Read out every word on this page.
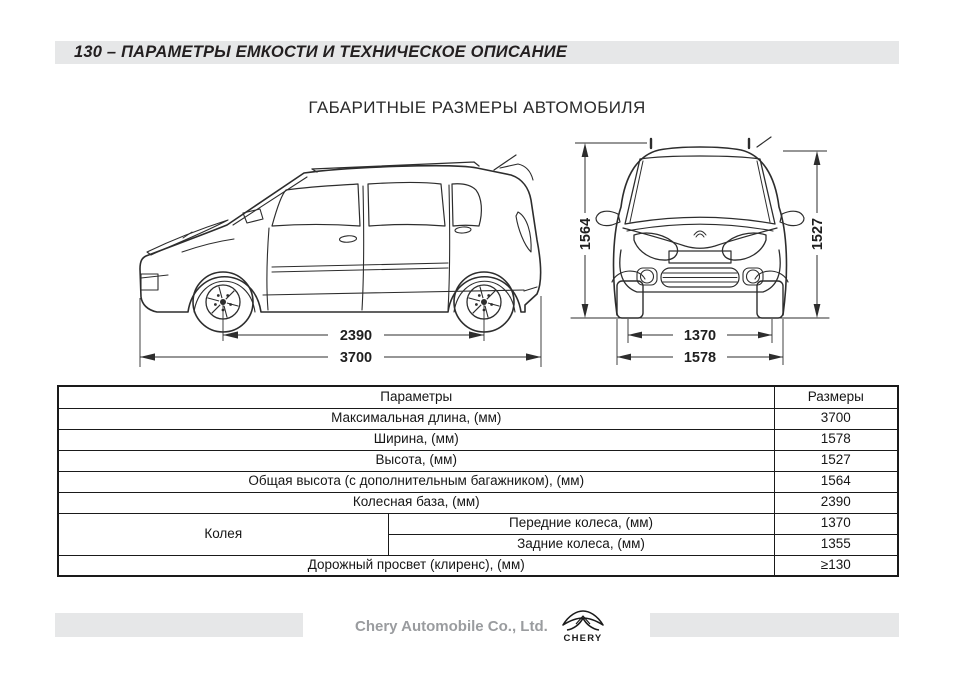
130 – ПАРАМЕТРЫ ЕМКОСТИ И ТЕХНИЧЕСКОЕ ОПИСАНИЕ
ГАБАРИТНЫЕ РАЗМЕРЫ АВТОМОБИЛЯ
2390
3700
1564	1527
1370
1578
Параметры		Размеры
Максимальная длина, (мм)		3700
Ширина, (мм)		1578
Высота, (мм)		1527
Общая высота (с дополнительным багажником), (мм)		1564
Колесная база, (мм)		2390
Колея	Передние колеса, (мм)	1370
	Задние колеса, (мм)	1355
Дорожный просвет (клиренс), (мм)		≥130
Chery Automobile Co., Ltd.
CHERY
